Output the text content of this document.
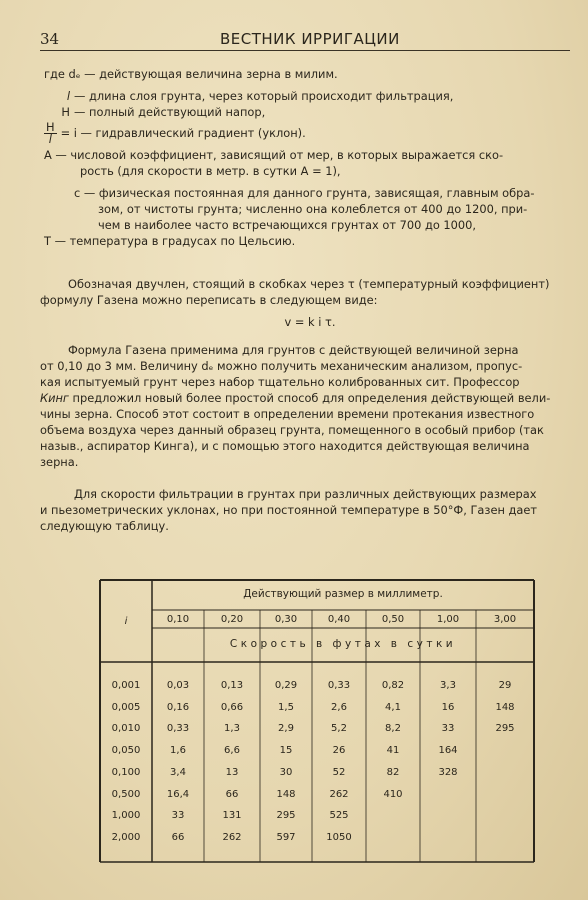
34	ВЕСТНИК ИРРИГАЦИИ

где dₑ — действующая величина зерна в милим.

l — длина слоя грунта, через который происходит фильтрация,

Н — полный действующий напор,

$\frac{Н}{l} = i$ — гидравлический градиент (уклон).

А — числовой коэффициент, зависящий от мер, в которых выражается ско-

рость (для скорости в метр. в сутки А = 1),

с — физическая постоянная для данного грунта, зависящая, главным обра-

зом, от чистоты грунта; численно она колеблется от 400 до 1200, при-

чем в наиболее часто встречающихся грунтах от 700 до 1000,

Т — температура в градусах по Цельсию.

Обозначая двучлен, стоящий в скобках через τ (температурный коэффициент)

формулу Газена можно переписать в следующем виде:

v = k i τ.

Формула Газена применима для грунтов с действующей величиной зерна

от 0,10 до 3 мм. Величину dₑ можно получить механическим анализом, пропус-

кая испытуемый грунт через набор тщательно колиброванных сит. Профессор

Кинг предложил новый более простой способ для определения действующей вели-

чины зерна. Способ этот состоит в определении времени протекания известного

объема воздуха через данный образец грунта, помещенного в особый прибор (так

назыв., аспиратор Кинга), и с помощью этого находится действующая величина

зерна.

Для скорости фильтрации в грунтах при различных действующих размерах

и пьезометрических уклонах, но при постоянной температуре в 50°Ф, Газен дает

следующую таблицу.

Действующий размер в миллиметр.
i	0,10	0,20	0,30	0,40	0,50	1,00	3,00
Скорость в футах в сутки
0,001	0,03	0,13	0,29	0,33	0,82	3,3	29
0,005	0,16	0,66	1,5	2,6	4,1	16	148
0,010	0,33	1,3	2,9	5,2	8,2	33	295
0,050	1,6	6,6	15	26	41	164
0,100	3,4	13	30	52	82	328
0,500	16,4	66	148	262	410
1,000	33	131	295	525
2,000	66	262	597	1050
